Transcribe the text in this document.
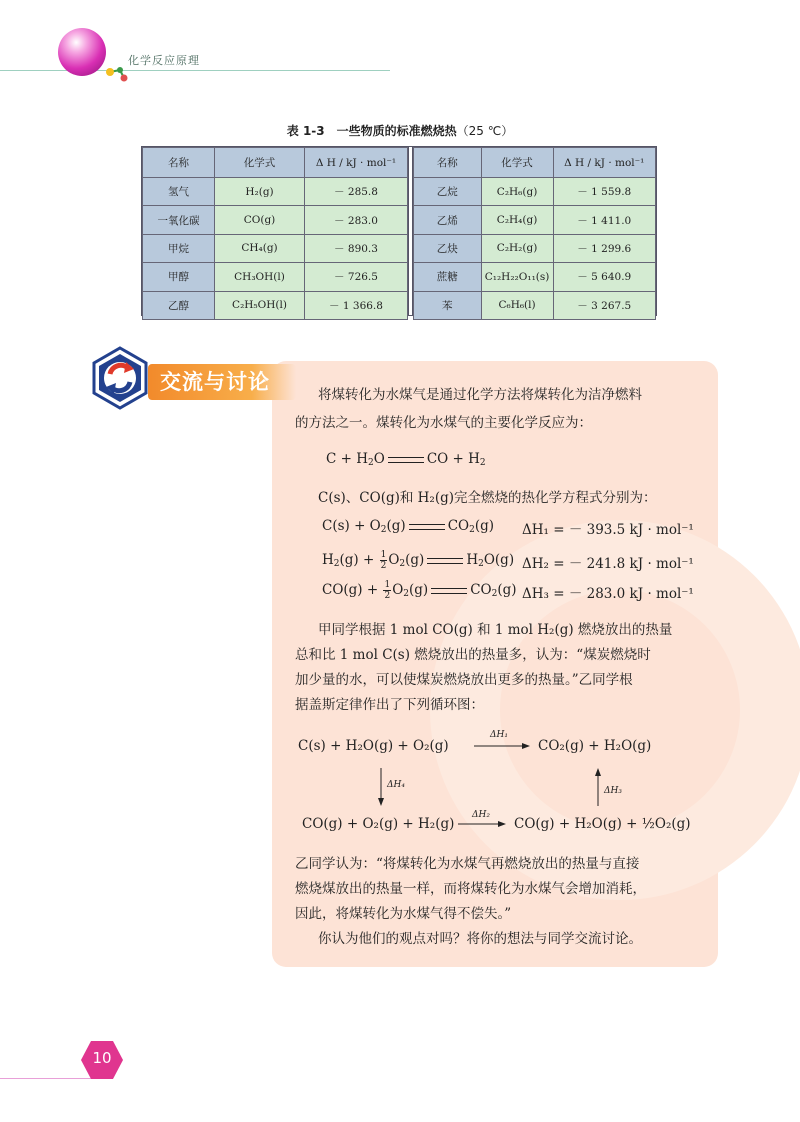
化学反应原理
表 1-3　一些物质的标准燃烧热（25 ℃）
名称	化学式	Δ H / kJ · mol⁻¹
氢气	H₂(g)	－ 285.8
一氧化碳	CO(g)	－ 283.0
甲烷	CH₄(g)	－ 890.3
甲醇	CH₃OH(l)	－ 726.5
乙醇	C₂H₅OH(l)	－ 1 366.8
名称	化学式	Δ H / kJ · mol⁻¹
乙烷	C₂H₆(g)	－ 1 559.8
乙烯	C₂H₄(g)	－ 1 411.0
乙炔	C₂H₂(g)	－ 1 299.6
蔗糖	C₁₂H₂₂O₁₁(s)	－ 5 640.9
苯	C₆H₆(l)	－ 3 267.5
交流与讨论
将煤转化为水煤气是通过化学方法将煤转化为洁净燃料
的方法之一。煤转化为水煤气的主要化学反应为：
$C + H_2O$	CO + $H_2$
C(s)、CO(g)和 H₂(g)完全燃烧的热化学方程式分别为：
$C(s) + O_2(g)$	$CO_2(g) \Delta H_1$ = － 393.5 kJ · mol⁻¹
$H_2(g) + \frac{1}{2} O_2(g)$	$H_2O(g) \Delta H_2$ = － 241.8 kJ · mol⁻¹
$CO(g) + \frac{1}{2} O_2(g)$	$CO_2(g) \Delta H_3$ = － 283.0 kJ · mol⁻¹
甲同学根据 1 mol CO(g) 和 1 mol H₂(g) 燃烧放出的热量
总和比 1 mol C(s) 燃烧放出的热量多，认为：“煤炭燃烧时
加少量的水，可以使煤炭燃烧放出更多的热量。”乙同学根
据盖斯定律作出了下列循环图：
C(s) + H₂O(g) + O₂(g)	CO₂(g) + H₂O(g)
CO(g) + O₂(g) + H₂(g)	CO(g) + H₂O(g) + ½O₂(g)
ΔH₁
ΔH₄
ΔH₃
ΔH₂
乙同学认为：“将煤转化为水煤气再燃烧放出的热量与直接
燃烧煤放出的热量一样，而将煤转化为水煤气会增加消耗，
因此，将煤转化为水煤气得不偿失。”
你认为他们的观点对吗？将你的想法与同学交流讨论。
10
